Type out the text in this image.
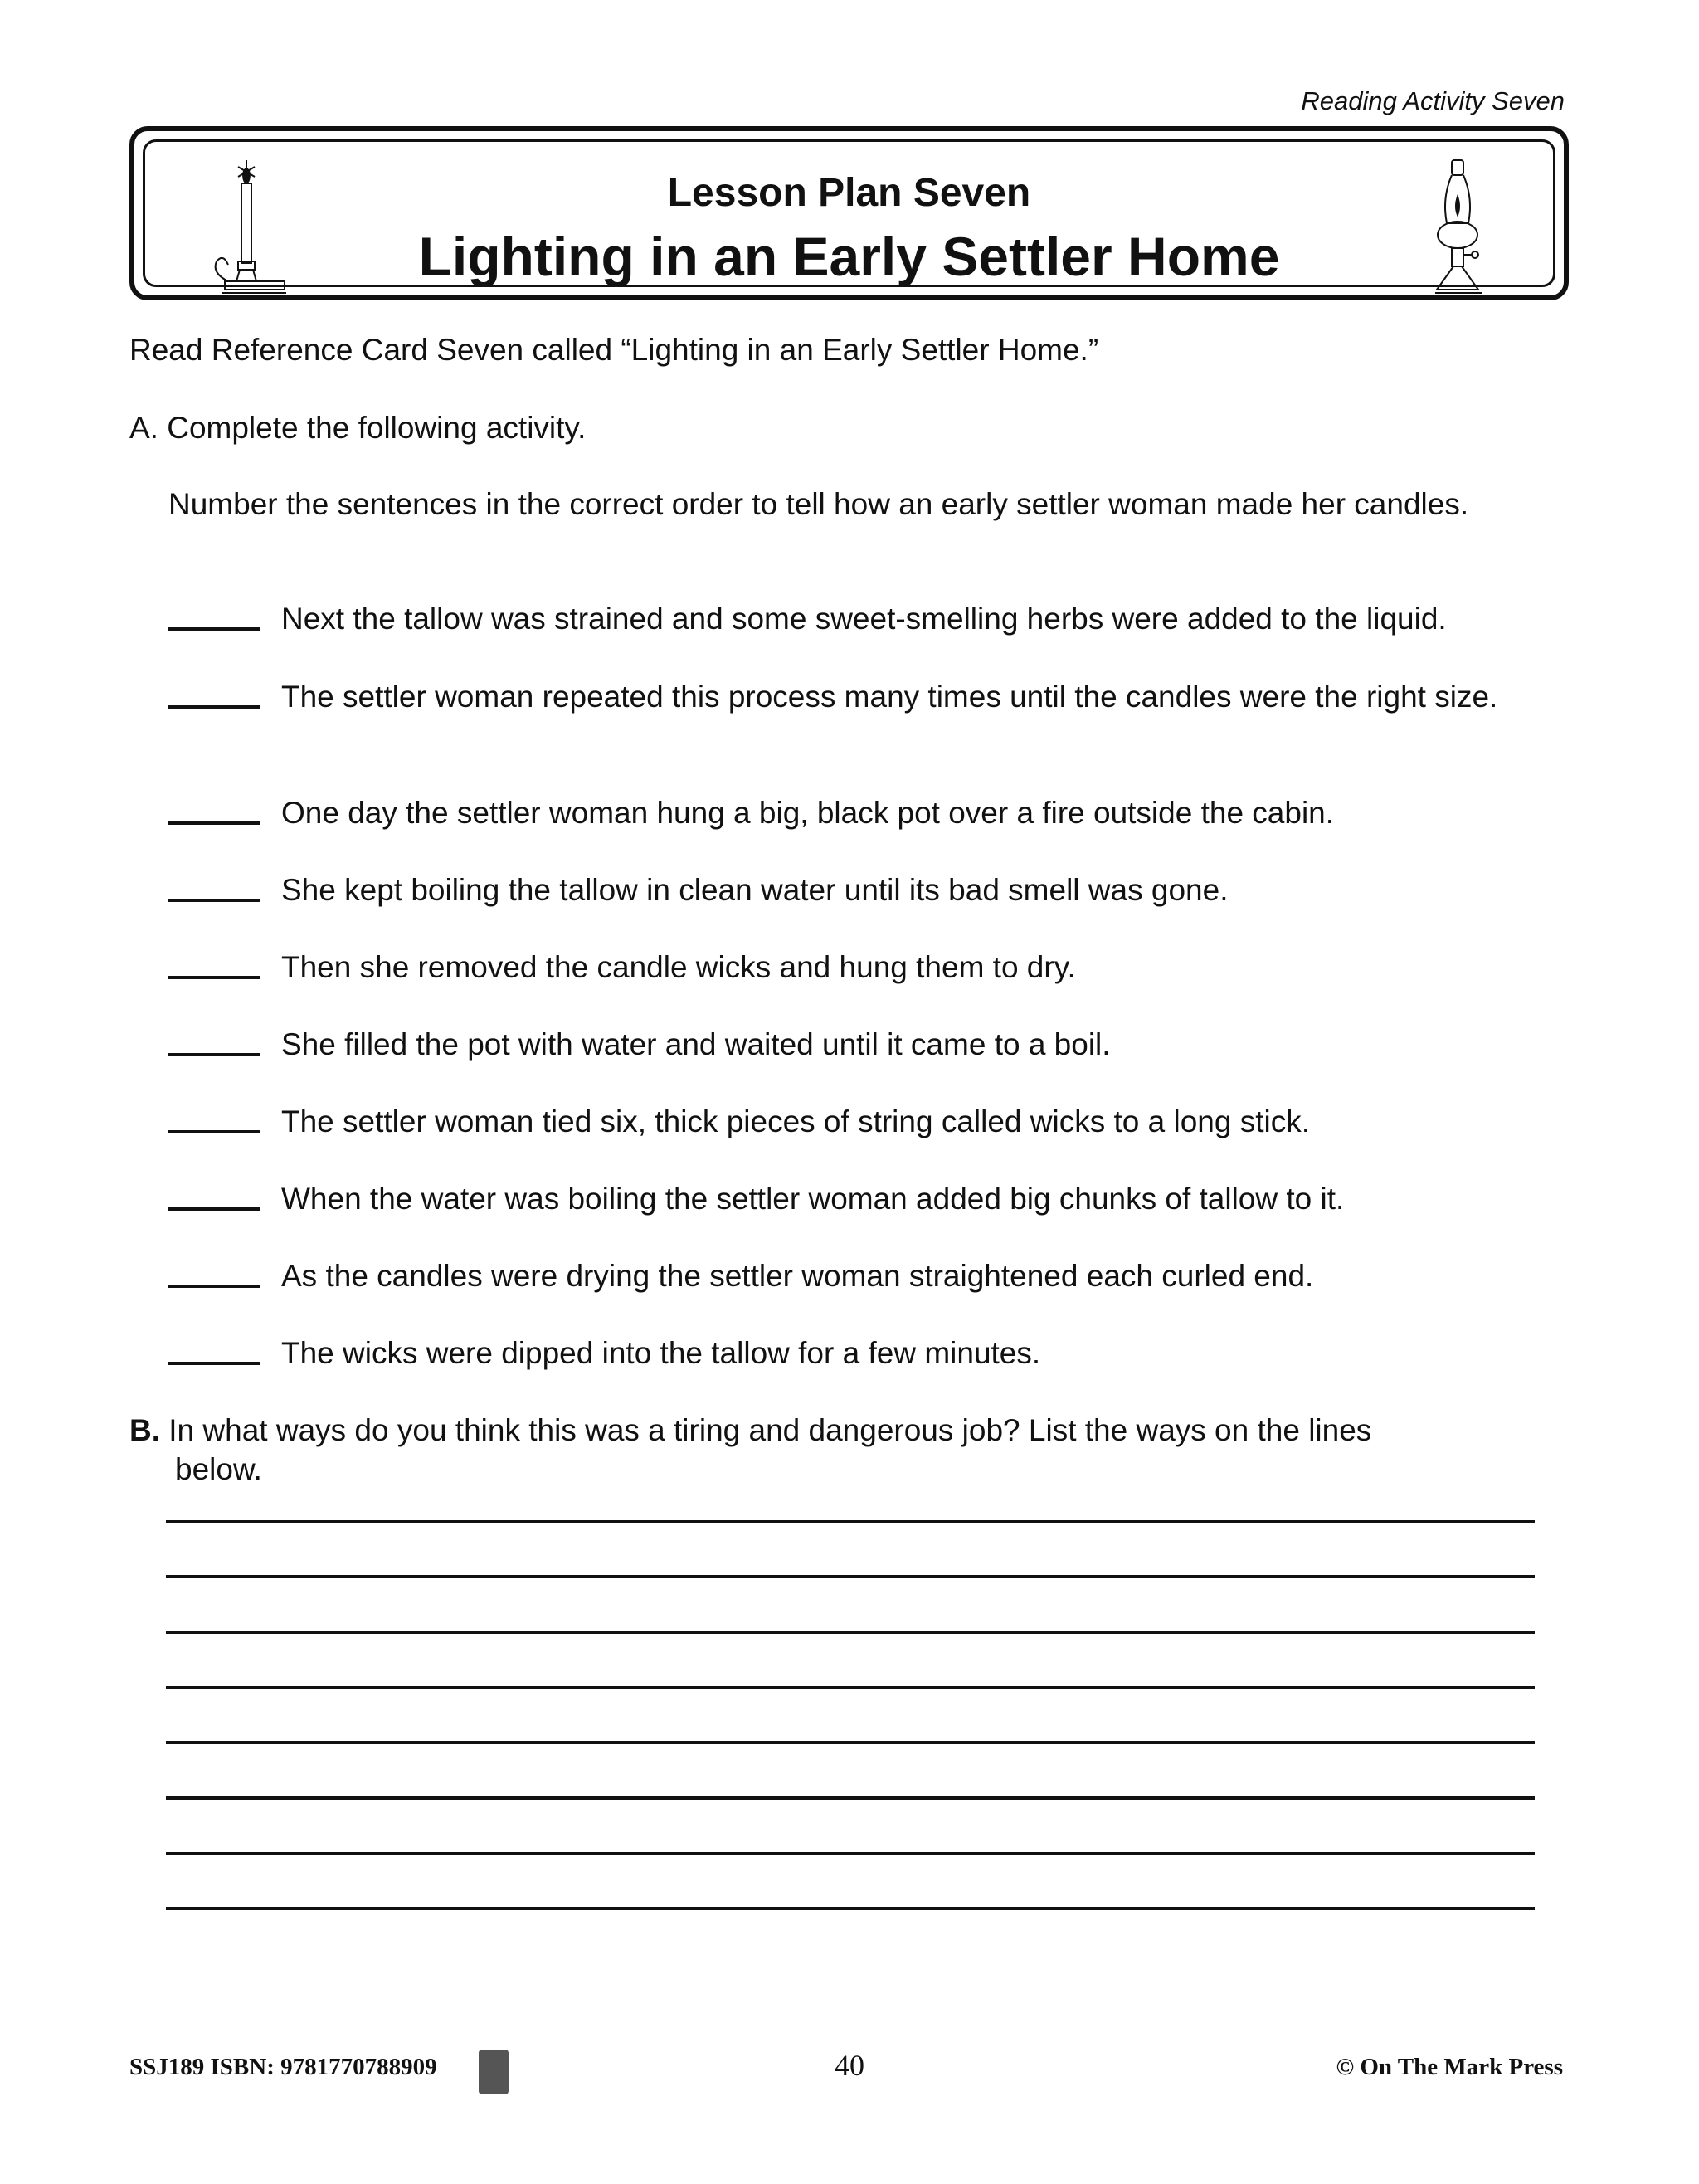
Reading Activity Seven
Lesson Plan Seven
Lighting in an Early Settler Home
Read Reference Card Seven called “Lighting in an Early Settler Home.”
A. Complete the following activity.
Number the sentences in the correct order to tell how an early settler woman made her candles.
Next the tallow was strained and some sweet-smelling herbs were added to the liquid.
The settler woman repeated this process many times until the candles were the right size.
One day the settler woman hung a big, black pot over a fire outside the cabin.
She kept boiling the tallow in clean water until its bad smell was gone.
Then she removed the candle wicks and hung them to dry.
She filled the pot with water and waited until it came to a boil.
The settler woman tied six, thick pieces of string called wicks to a long stick.
When the water was boiling the settler woman added big chunks of tallow to it.
As the candles were drying the settler woman straightened each curled end.
The wicks were dipped into the tallow for a few minutes.
B. In what ways do you think this was a tiring and dangerous job? List the ways on the lines
below.
SSJ189 ISBN: 9781770788909	40	© On The Mark Press
